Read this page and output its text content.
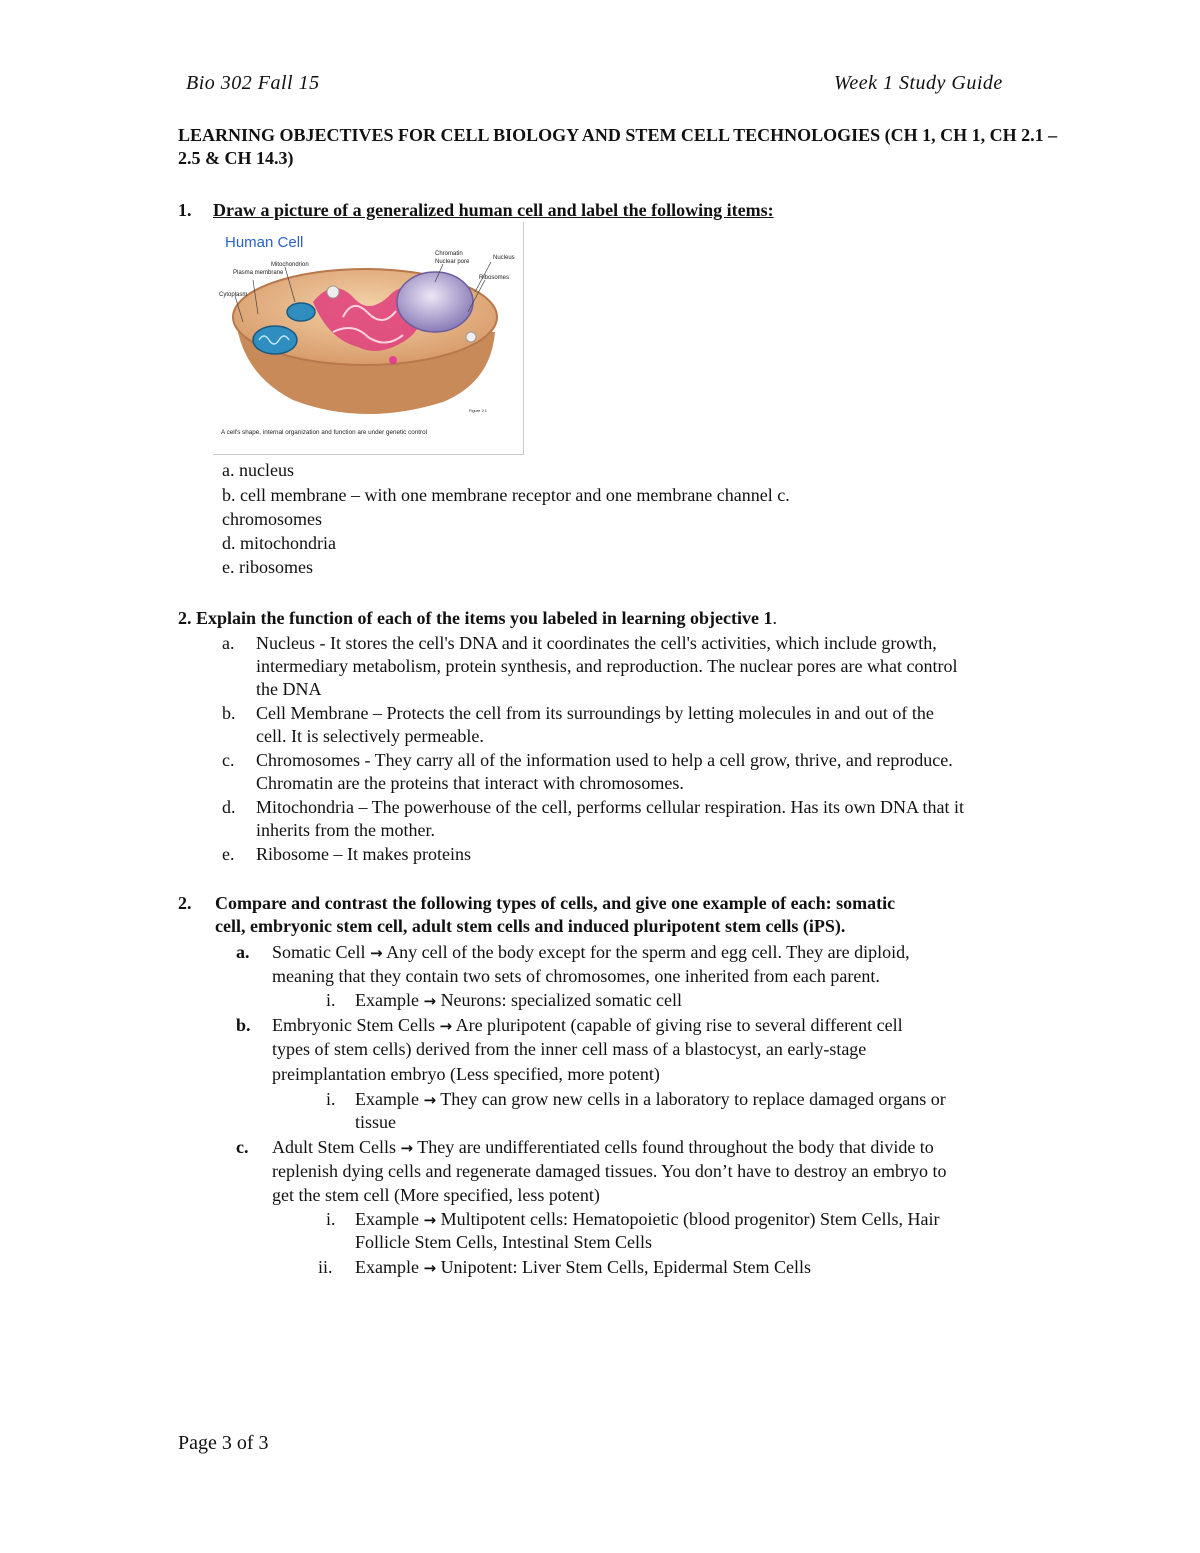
Bio 302 Fall 15	Week 1 Study Guide
LEARNING OBJECTIVES FOR CELL BIOLOGY AND STEM CELL TECHNOLOGIES (CH 1, CH 1, CH 2.1 – 2.5 & CH 14.3)
1. Draw a picture of a generalized human cell and label the following items:
Human Cell
Mitochondrion
Plasma membrane
Cytoplasm
Chromatin
Nuclear pore
Nucleus
Ribosomes
Figure 2.1
A cell's shape, internal organization and function are under genetic control
a. nucleus
b. cell membrane – with one membrane receptor and one membrane channel c.
chromosomes
d. mitochondria
e. ribosomes
2. Explain the function of each of the items you labeled in learning objective 1.
a. Nucleus - It stores the cell's DNA and it coordinates the cell's activities, which include growth,
intermediary metabolism, protein synthesis, and reproduction. The nuclear pores are what control
the DNA
b. Cell Membrane – Protects the cell from its surroundings by letting molecules in and out of the
cell. It is selectively permeable.
c. Chromosomes - They carry all of the information used to help a cell grow, thrive, and reproduce.
Chromatin are the proteins that interact with chromosomes.
d. Mitochondria – The powerhouse of the cell, performs cellular respiration. Has its own DNA that it
inherits from the mother.
e. Ribosome – It makes proteins
2. Compare and contrast the following types of cells, and give one example of each: somatic
cell, embryonic stem cell, adult stem cells and induced pluripotent stem cells (iPS).
a. Somatic Cell → Any cell of the body except for the sperm and egg cell. They are diploid,
meaning that they contain two sets of chromosomes, one inherited from each parent.
i. Example → Neurons: specialized somatic cell
b. Embryonic Stem Cells → Are pluripotent (capable of giving rise to several different cell
types of stem cells) derived from the inner cell mass of a blastocyst, an early-stage
preimplantation embryo (Less specified, more potent)
i. Example → They can grow new cells in a laboratory to replace damaged organs or
tissue
c. Adult Stem Cells → They are undifferentiated cells found throughout the body that divide to
replenish dying cells and regenerate damaged tissues. You don’t have to destroy an embryo to
get the stem cell (More specified, less potent)
i. Example → Multipotent cells: Hematopoietic (blood progenitor) Stem Cells, Hair
Follicle Stem Cells, Intestinal Stem Cells
ii. Example → Unipotent: Liver Stem Cells, Epidermal Stem Cells
Page 3 of 3
